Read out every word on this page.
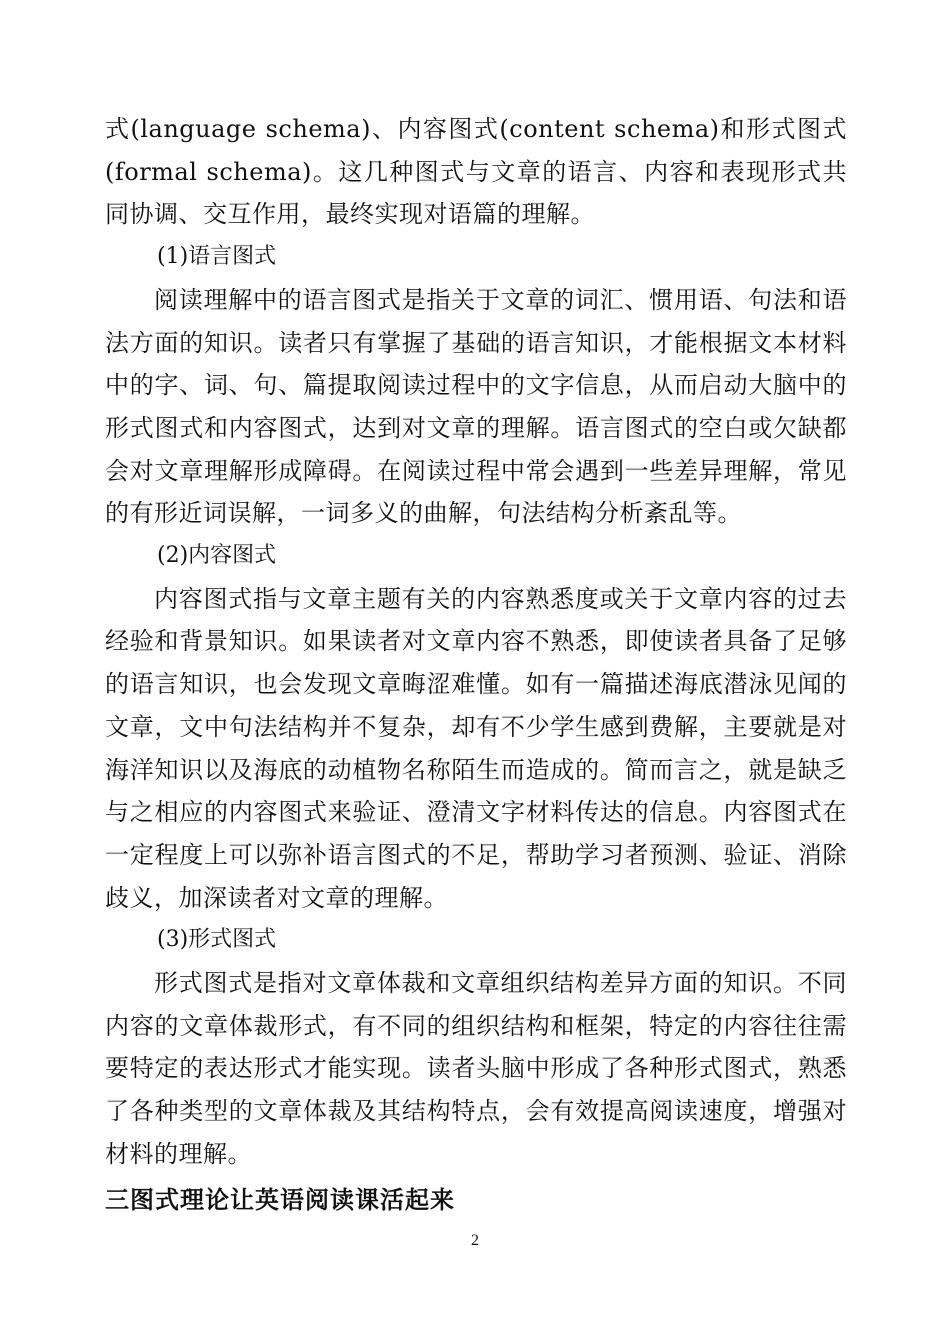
式(language schema)、内容图式(content schema)和形式图式(formal schema)。这几种图式与文章的语言、内容和表现形式共同协调、交互作用，最终实现对语篇的理解。

(1)语言图式

阅读理解中的语言图式是指关于文章的词汇、惯用语、句法和语法方面的知识。读者只有掌握了基础的语言知识，才能根据文本材料中的字、词、句、篇提取阅读过程中的文字信息，从而启动大脑中的形式图式和内容图式，达到对文章的理解。语言图式的空白或欠缺都会对文章理解形成障碍。在阅读过程中常会遇到一些差异理解，常见的有形近词误解，一词多义的曲解，句法结构分析紊乱等。

(2)内容图式

内容图式指与文章主题有关的内容熟悉度或关于文章内容的过去经验和背景知识。如果读者对文章内容不熟悉，即使读者具备了足够的语言知识，也会发现文章晦涩难懂。如有一篇描述海底潜泳见闻的文章，文中句法结构并不复杂，却有不少学生感到费解，主要就是对海洋知识以及海底的动植物名称陌生而造成的。简而言之，就是缺乏与之相应的内容图式来验证、澄清文字材料传达的信息。内容图式在一定程度上可以弥补语言图式的不足，帮助学习者预测、验证、消除歧义，加深读者对文章的理解。

(3)形式图式

形式图式是指对文章体裁和文章组织结构差异方面的知识。不同内容的文章体裁形式，有不同的组织结构和框架，特定的内容往往需要特定的表达形式才能实现。读者头脑中形成了各种形式图式，熟悉了各种类型的文章体裁及其结构特点，会有效提高阅读速度，增强对材料的理解。

三图式理论让英语阅读课活起来

2
